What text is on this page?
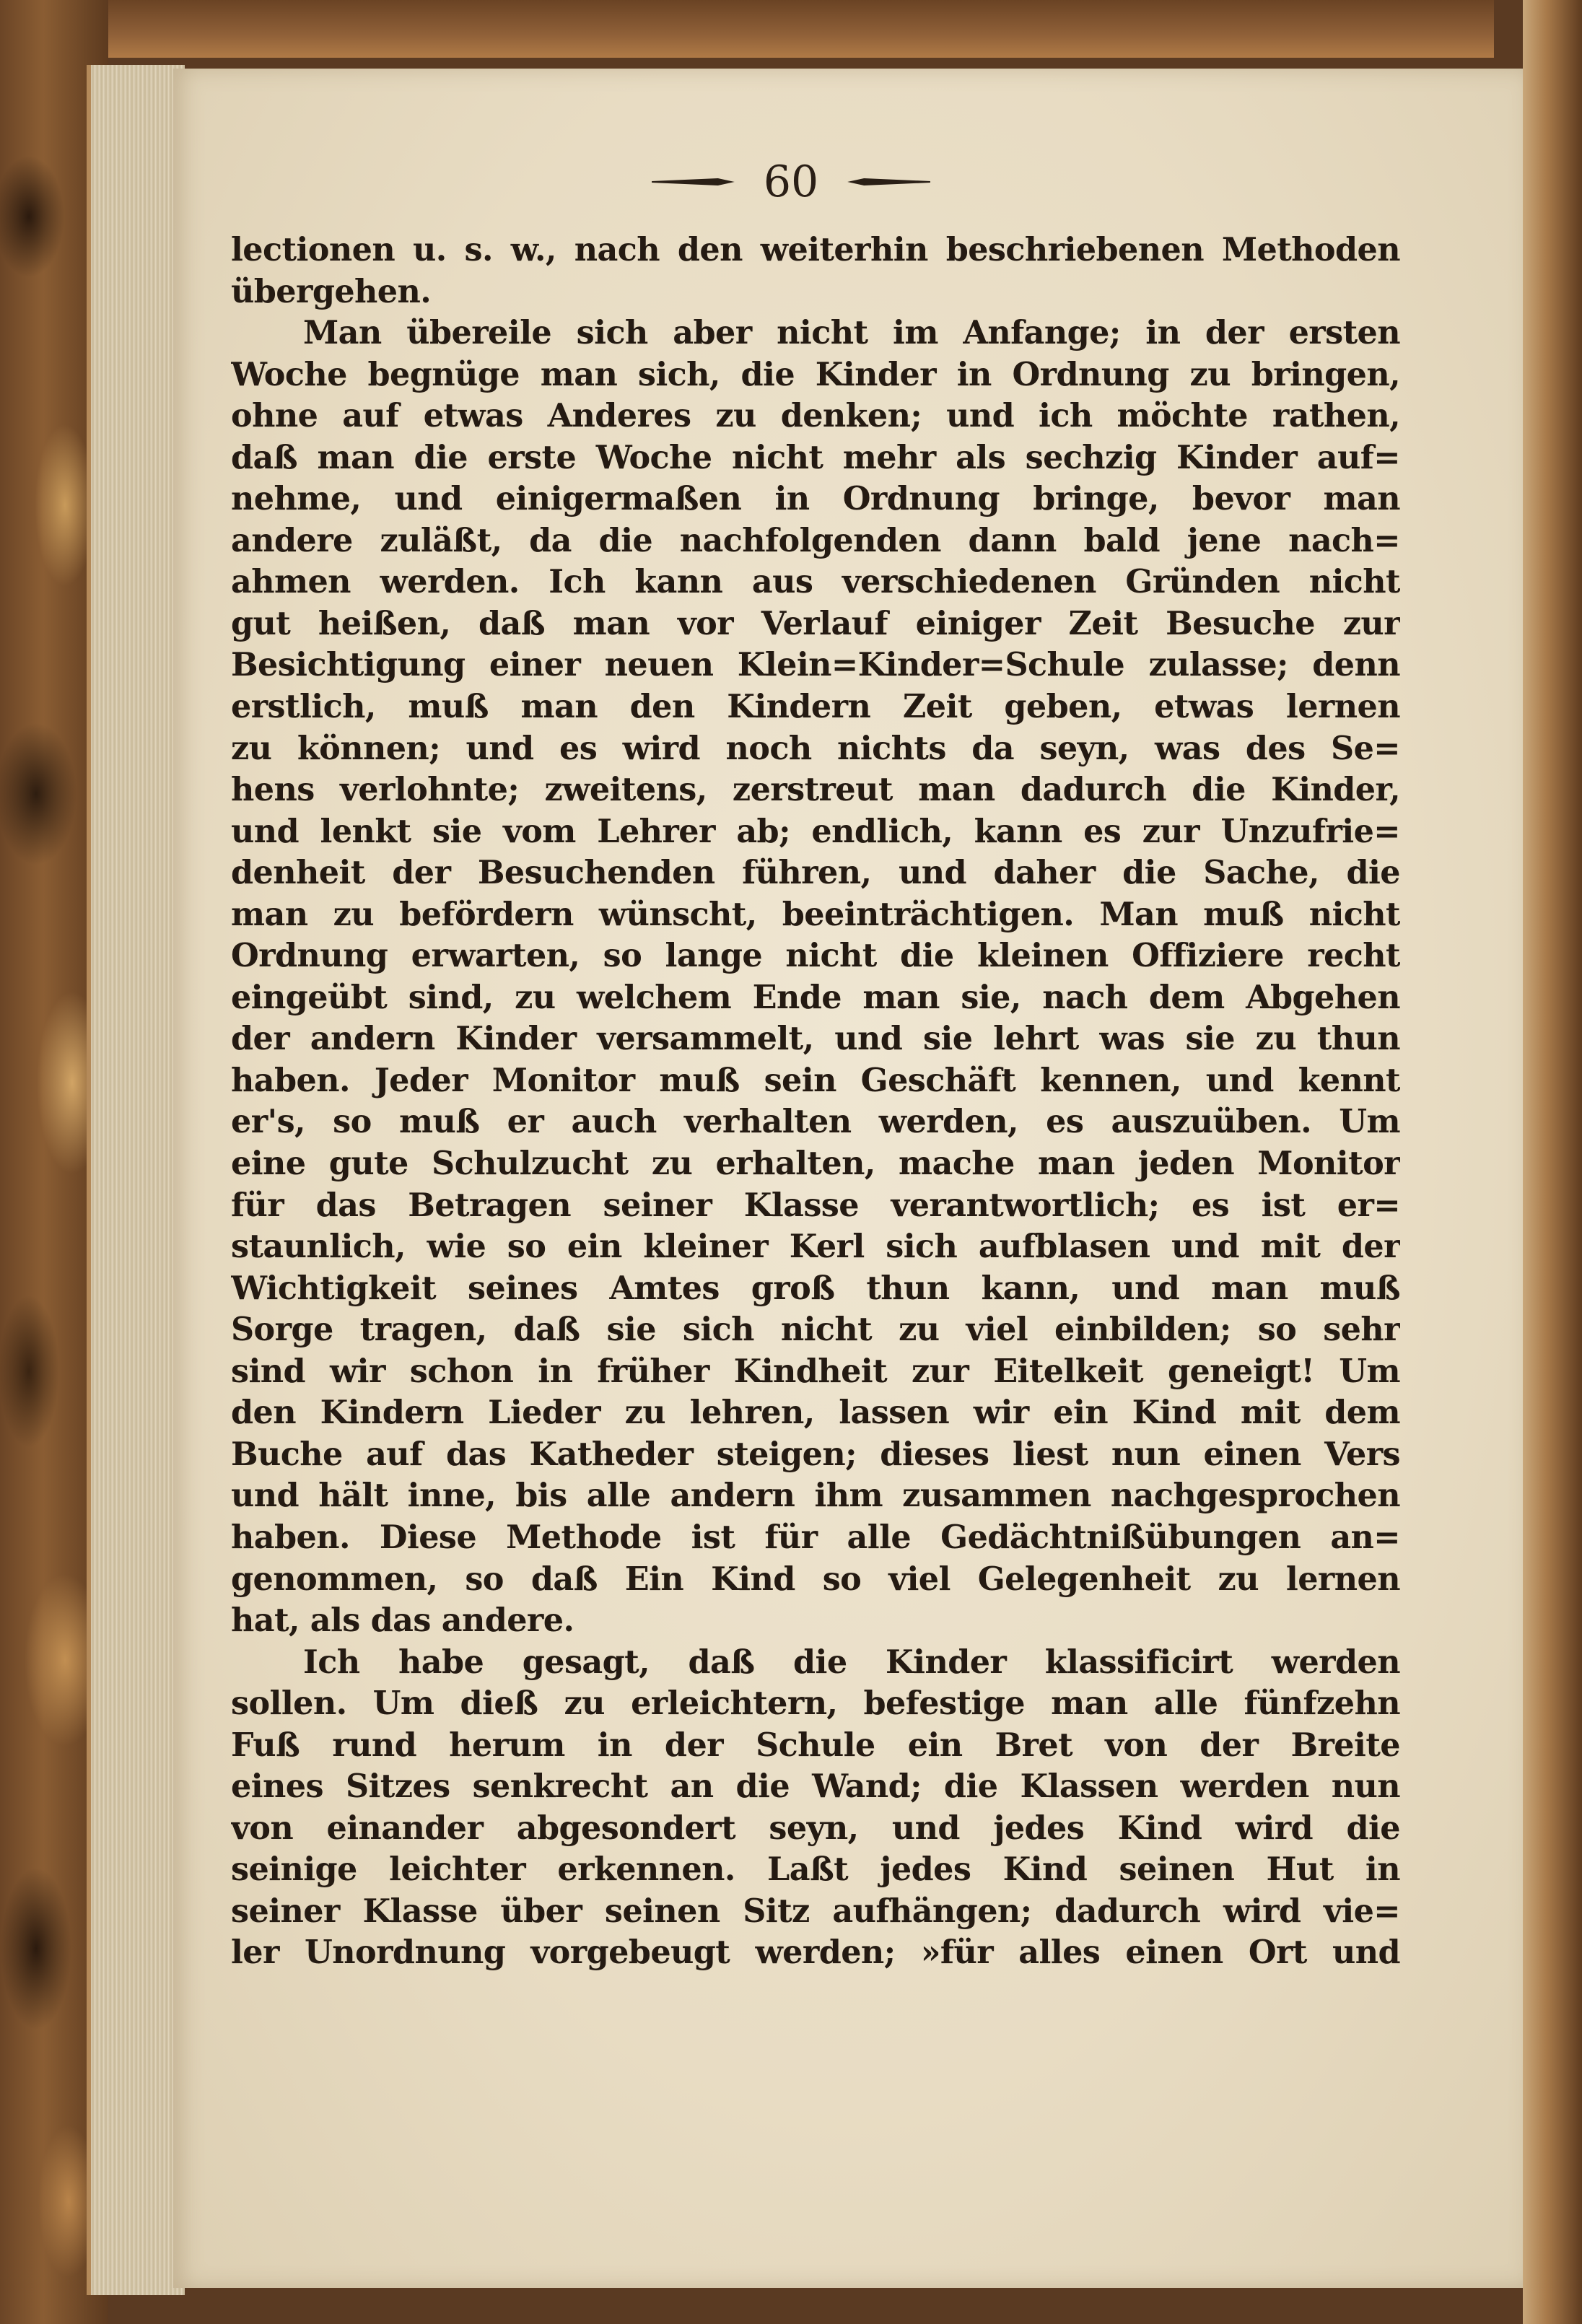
60
lectionen u. s. w., nach den weiterhin beschriebenen Methoden
übergehen.
Man übereile sich aber nicht im Anfange; in der ersten
Woche begnüge man sich, die Kinder in Ordnung zu bringen,
ohne auf etwas Anderes zu denken; und ich möchte rathen,
daß man die erste Woche nicht mehr als sechzig Kinder auf=
nehme, und einigermaßen in Ordnung bringe, bevor man
andere zuläßt, da die nachfolgenden dann bald jene nach=
ahmen werden. Ich kann aus verschiedenen Gründen nicht
gut heißen, daß man vor Verlauf einiger Zeit Besuche zur
Besichtigung einer neuen Klein=Kinder=Schule zulasse; denn
erstlich, muß man den Kindern Zeit geben, etwas lernen
zu können; und es wird noch nichts da seyn, was des Se=
hens verlohnte; zweitens, zerstreut man dadurch die Kinder,
und lenkt sie vom Lehrer ab; endlich, kann es zur Unzufrie=
denheit der Besuchenden führen, und daher die Sache, die
man zu befördern wünscht, beeinträchtigen. Man muß nicht
Ordnung erwarten, so lange nicht die kleinen Offiziere recht
eingeübt sind, zu welchem Ende man sie, nach dem Abgehen
der andern Kinder versammelt, und sie lehrt was sie zu thun
haben. Jeder Monitor muß sein Geschäft kennen, und kennt
er's, so muß er auch verhalten werden, es auszuüben. Um
eine gute Schulzucht zu erhalten, mache man jeden Monitor
für das Betragen seiner Klasse verantwortlich; es ist er=
staunlich, wie so ein kleiner Kerl sich aufblasen und mit der
Wichtigkeit seines Amtes groß thun kann, und man muß
Sorge tragen, daß sie sich nicht zu viel einbilden; so sehr
sind wir schon in früher Kindheit zur Eitelkeit geneigt! Um
den Kindern Lieder zu lehren, lassen wir ein Kind mit dem
Buche auf das Katheder steigen; dieses liest nun einen Vers
und hält inne, bis alle andern ihm zusammen nachgesprochen
haben. Diese Methode ist für alle Gedächtnißübungen an=
genommen, so daß Ein Kind so viel Gelegenheit zu lernen
hat, als das andere.
Ich habe gesagt, daß die Kinder klassificirt werden
sollen. Um dieß zu erleichtern, befestige man alle fünfzehn
Fuß rund herum in der Schule ein Bret von der Breite
eines Sitzes senkrecht an die Wand; die Klassen werden nun
von einander abgesondert seyn, und jedes Kind wird die
seinige leichter erkennen. Laßt jedes Kind seinen Hut in
seiner Klasse über seinen Sitz aufhängen; dadurch wird vie=
ler Unordnung vorgebeugt werden; »für alles einen Ort und
